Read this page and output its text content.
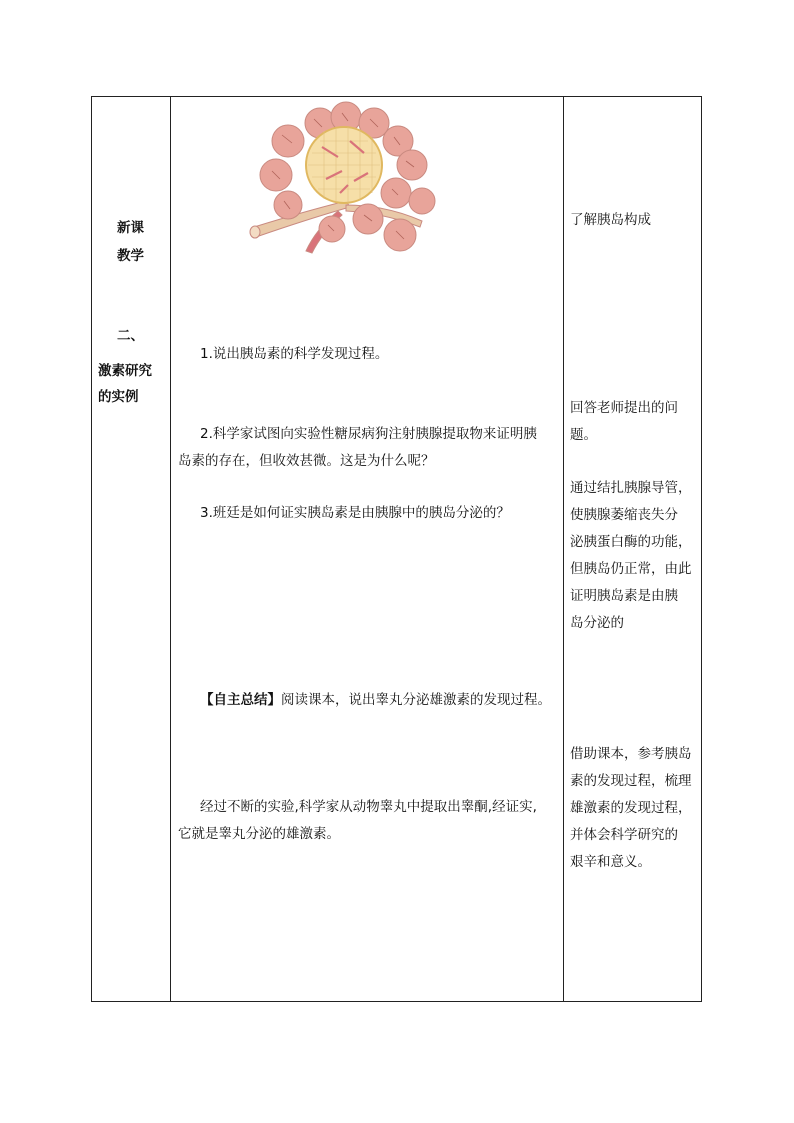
新课
教学
二、
激素研究
的实例
1.说出胰岛素的科学发现过程。
2.科学家试图向实验性糖尿病狗注射胰腺提取物来证明胰
岛素的存在，但收效甚微。这是为什么呢？
3.班廷是如何证实胰岛素是由胰腺中的胰岛分泌的？
【自主总结】阅读课本，说出睾丸分泌雄激素的发现过程。
经过不断的实验,科学家从动物睾丸中提取出睾酮,经证实,
它就是睾丸分泌的雄激素。
了解胰岛构成
回答老师提出的问
题。
通过结扎胰腺导管，
使胰腺萎缩丧失分
泌胰蛋白酶的功能，
但胰岛仍正常，由此
证明胰岛素是由胰
岛分泌的
借助课本，参考胰岛
素的发现过程，梳理
雄激素的发现过程，
并体会科学研究的
艰辛和意义。
